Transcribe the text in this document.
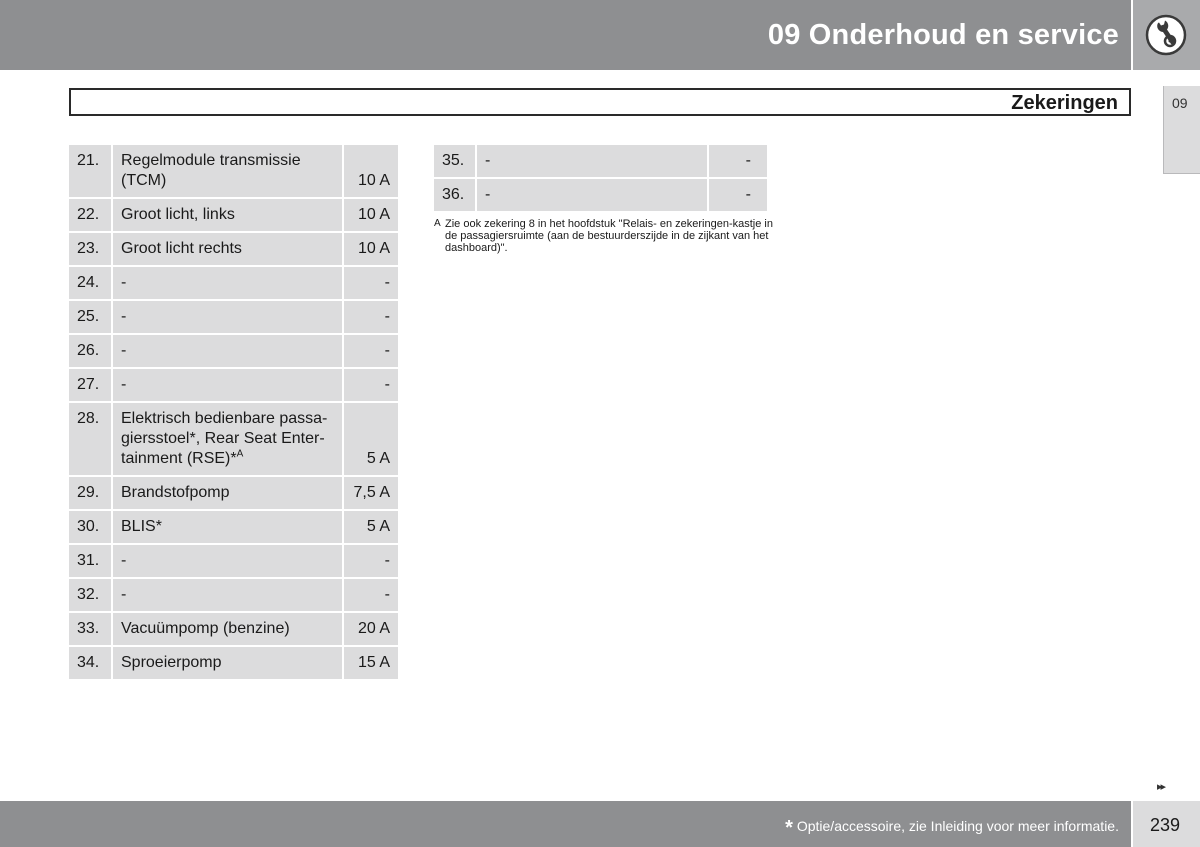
09 Onderhoud en service
09
Zekeringen
21.	Regelmodule transmissie (TCM)	10 A
22.	Groot licht, links	10 A
23.	Groot licht rechts	10 A
24.	-	-
25.	-	-
26.	-	-
27.	-	-
28.	Elektrisch bedienbare passa-giersstoel*, Rear Seat Enter-tainment (RSE)*$^A$	5 A
29.	Brandstofpomp	7,5 A
30.	BLIS*	5 A
31.	-	-
32.	-	-
33.	Vacuümpomp (benzine)	20 A
34.	Sproeierpomp	15 A
35.	-	-
36.	-	-
A Zie ook zekering 8 in het hoofdstuk "Relais- en zekeringen-kastje in de passagiersruimte (aan de bestuurderszijde in de zijkant van het dashboard)".
▸▸
* Optie/accessoire, zie Inleiding voor meer informatie. 239
